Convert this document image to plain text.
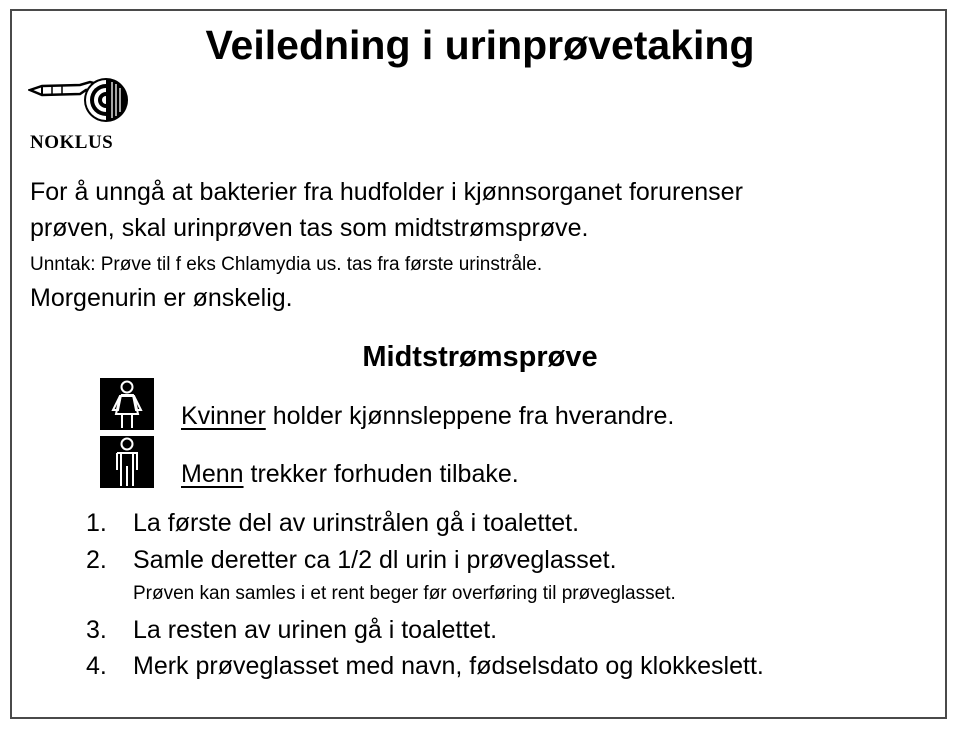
Veiledning i urinprøvetaking
NOKLUS
For å unngå at bakterier fra hudfolder i kjønnsorganet forurenser
prøven, skal urinprøven tas som midtstrømsprøve.
Unntak: Prøve til f eks Chlamydia us. tas fra første urinstråle.
Morgenurin er ønskelig.
Midtstrømsprøve
Kvinner holder kjønnsleppene fra hverandre.
Menn trekker forhuden tilbake.
1. La første del av urinstrålen gå i toalettet.
2. Samle deretter ca 1/2 dl urin i prøveglasset.
Prøven kan samles i et rent beger før overføring til prøveglasset.
3. La resten av urinen gå i toalettet.
4. Merk prøveglasset med navn, fødselsdato og klokkeslett.
